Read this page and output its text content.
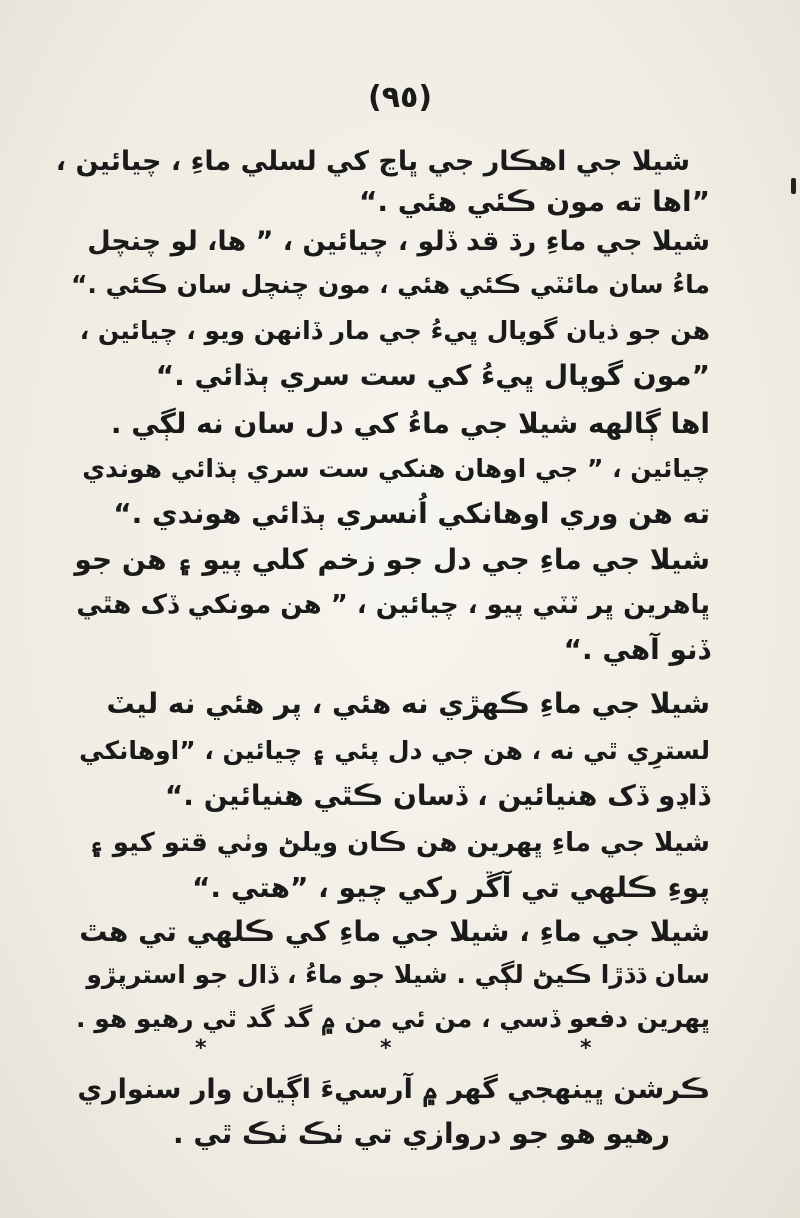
(٩٥)
شيلا جي اهڪار جي ڀاڃ کي لسلي ماءِ ، چيائين ،
”اها ته مون ڪئي هئي .“
شيلا جي ماءِ رڌ قد ڏلو ، چيائين ، ” ها، لو چنچل
ماءُ سان مائٽي ڪئي هئي ، مون چنچل سان ڪئي .“
هن جو ذيان گوپال ڀيءُ جي مار ڏانهن ويو ، چيائين ،
”مون گوپال ڀيءُ کي ست سري ٻڌائي .“
اها ڳالهه شيلا جي ماءُ کي دل سان نه لڳي .
چيائين ، ” جي اوهان هنکي ست سري ٻڌائي هوندي
ته هن وري اوهانکي اُنسري ٻڌائي هوندي .“
شيلا جي ماءِ جي دل جو زخم کلي پيو ۽ هن جو
ڀاهرين ڀر ٽٽي پيو ، چيائين ، ” هن مونکي ڏک هٿي
ڏنو آهي .“
شيلا جي ماءِ ڪهڙي نه هئي ، پر هئي نه ليٽ
لسترِي ٿي نه ، هن جي دل پئي ۽ چيائين ، ”اوهانکي
ڏاڍو ڏک هنيائين ، ڏسان ڪٿي هنيائين .“
شيلا جي ماءِ ڀهرين هن ڪان ويلڻ وٺي قتو کيو ۽
پوءِ ڪلهي تي آڱر رکي چيو ، ”هتي .“
شيلا جي ماءِ ، شيلا جي ماءِ کي ڪلهي تي هٿ
سان ڌڌڙا ڪيڻ لڳي . شيلا جو ماءُ ، ڏال جو استرپڙو
ڀهرين دفعو ڏسي ، من ئي من ۾ گد گد ٿي رهيو هو .
*	*	*
ڪرشن ڀينهجي گهر ۾ آرسيءَ اڳيان وار سنواري
رهيو هو جو دروازي تي ٺڪ ٺڪ ٿي .
